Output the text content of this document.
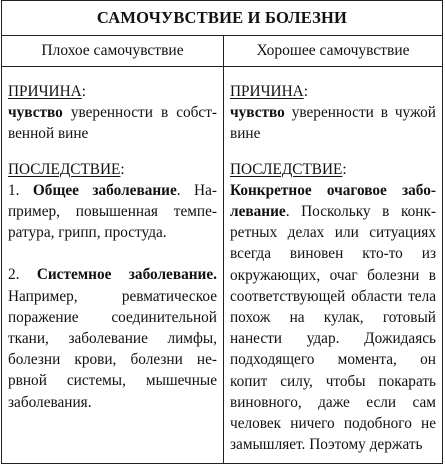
САМОЧУВСТВИЕ И БОЛЕЗНИ
Плохое самочувствие
ПРИЧИНА:
чувство уверенности в собственной вине
ПОСЛЕДСТВИЕ:
1. Общее заболевание. Например, повышенная температура, грипп, простуда.
2. Системное заболевание. Например, ревматическое поражение соединительной ткани, заболевание лимфы, болезни крови, болезни нервной системы, мышечные заболевания.
Хорошее самочувствие
ПРИЧИНА:
чувство уверенности в чужой вине
ПОСЛЕДСТВИЕ:
Конкретное очаговое заболевание. Поскольку в конкретных делах или ситуациях всегда виновен кто-то из окружающих, очаг болезни в соответствующей области тела похож на кулак, готовый нанести удар. Дожидаясь подходящего момента, он копит силу, чтобы покарать виновного, даже если сам человек ничего подобного не замышляет. Поэтому держать
